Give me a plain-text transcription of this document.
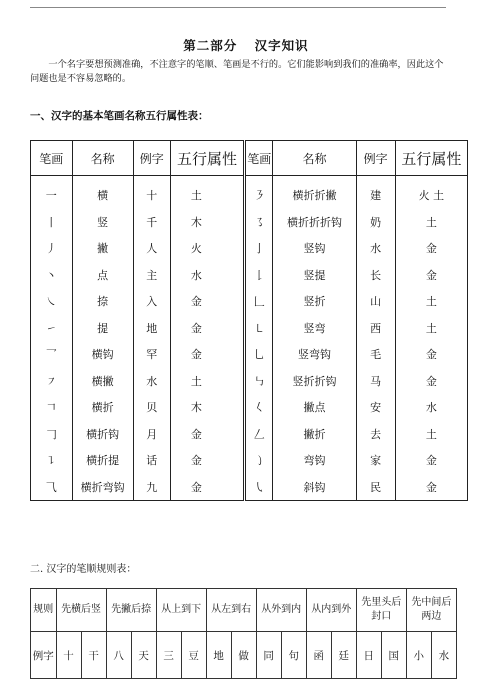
第二部分 汉字知识
一个名字要想预测准确，不注意字的笔顺、笔画是不行的。它们能影响到我们的准确率，因此这个问题也是不容易忽略的。
一、汉字的基本笔画名称五行属性表：
笔画	名称	例字	五行属性	笔画	名称	例字	五行属性
一	横	十	土	㇋	横折折撇	建	火 土
丨	竖	千	木	㇌	横折折折钩	奶	土
丿	撇	人	火	亅	竖钩	水	金
丶	点	主	水	𠄌	竖提	长	金
㇏	捺	入	金	𠃊	竖折	山	土
㇀	提	地	金	㇄	竖弯	西	土
乛	横钩	罕	金	乚	竖弯钩	毛	金
㇇	横撇	水	土	㇉	竖折折钩	马	金
𠃍	横折	贝	木	𡿨	撇点	安	水
𠃌	横折钩	月	金	𠃋	撇折	去	土
㇊	横折提	话	金	㇁	弯钩	家	金
⺄	横折弯钩	九	金	㇂	斜钩	民	金
二. 汉字的笔顺规则表：
规则	先横后竖		先撇后捺		从上到下		从左到右		从外到内		从内到外		先里头后封口		先中间后两边	
例字	十	干	八	天	三	豆	地	做	同	句	函	廷	日	国	小	水
